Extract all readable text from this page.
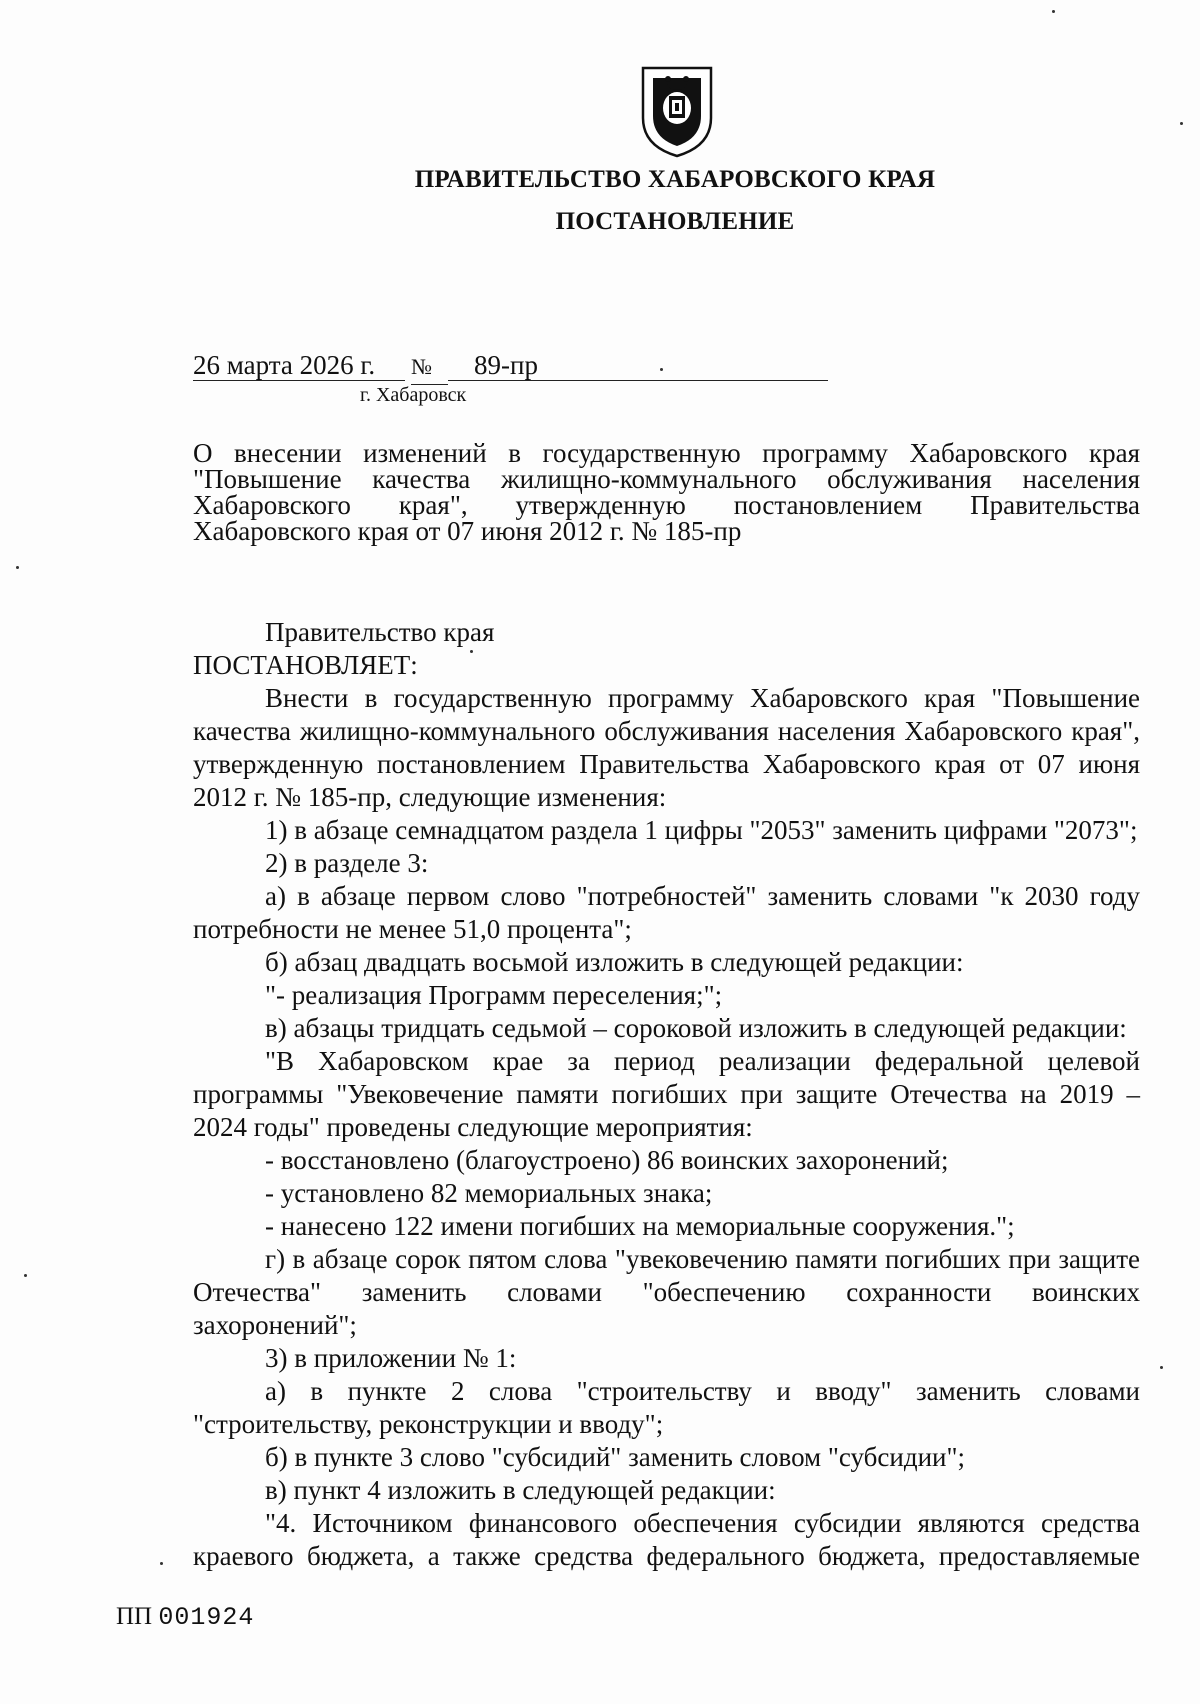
ПРАВИТЕЛЬСТВО ХАБАРОВСКОГО КРАЯ
ПОСТАНОВЛЕНИЕ
26 марта 2026 г.	№	89-пр
г. Хабаровск
О внесении изменений в государственную программу Хабаровского края "Повышение качества жилищно-коммунального обслуживания населения Хабаровского края", утвержденную постановлением Правительства Хабаровского края от 07 июня 2012 г. № 185-пр

Правительство края

ПОСТАНОВЛЯЕТ:

Внести в государственную программу Хабаровского края "Повышение качества жилищно-коммунального обслуживания населения Хабаровского края", утвержденную постановлением Правительства Хабаровского края от 07 июня 2012 г. № 185-пр, следующие изменения:

1) в абзаце семнадцатом раздела 1 цифры "2053" заменить цифрами "2073";

2) в разделе 3:

а) в абзаце первом слово "потребностей" заменить словами "к 2030 году потребности не менее 51,0 процента";

б) абзац двадцать восьмой изложить в следующей редакции:

"- реализация Программ переселения;";

в) абзацы тридцать седьмой – сороковой изложить в следующей редакции:

"В Хабаровском крае за период реализации федеральной целевой программы "Увековечение памяти погибших при защите Отечества на 2019 – 2024 годы" проведены следующие мероприятия:

- восстановлено (благоустроено) 86 воинских захоронений;

- установлено 82 мемориальных знака;

- нанесено 122 имени погибших на мемориальные сооружения.";

г) в абзаце сорок пятом слова "увековечению памяти погибших при защите Отечества" заменить словами "обеспечению сохранности воинских захоронений";

3) в приложении № 1:

а) в пункте 2 слова "строительству и вводу" заменить словами "строительству, реконструкции и вводу";

б) в пункте 3 слово "субсидий" заменить словом "субсидии";

в) пункт 4 изложить в следующей редакции:

"4. Источником финансового обеспечения субсидии являются средства краевого бюджета, а также средства федерального бюджета, предоставляемые

ПП 001924
